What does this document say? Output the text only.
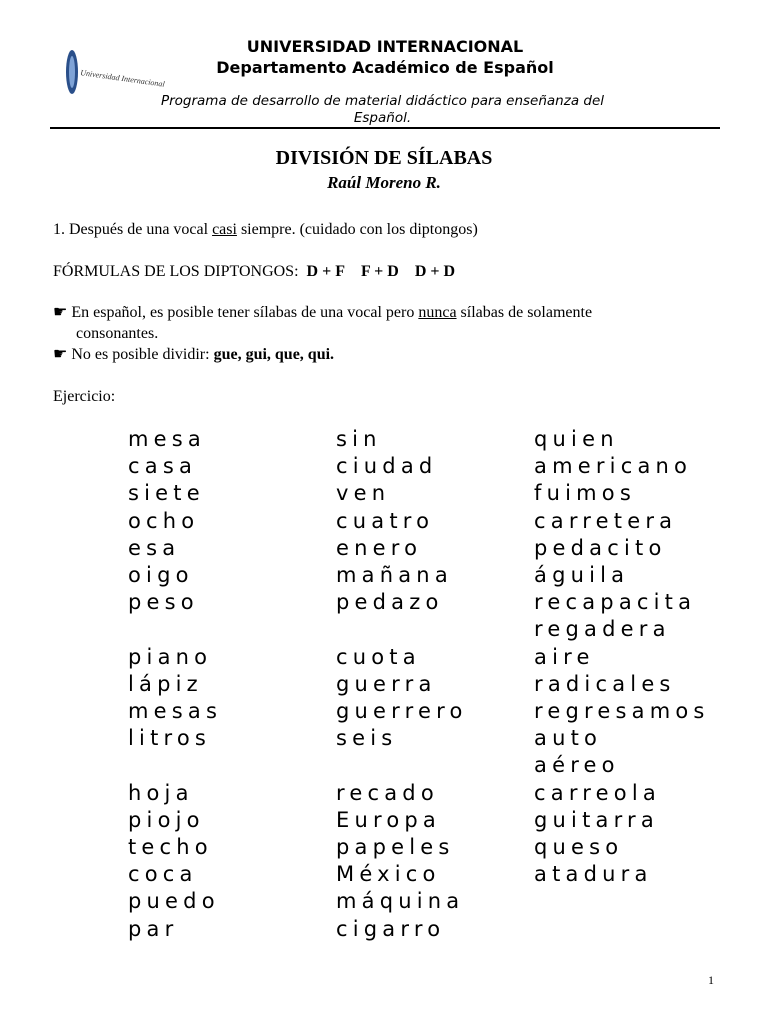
Universidad Internacional
UNIVERSIDAD INTERNACIONAL
Departamento Académico de Español
Programa de desarrollo de material didáctico para enseñanza del Español.
DIVISIÓN DE SÍLABAS
Raúl Moreno R.
1. Después de una vocal casi siempre. (cuidado con los diptongos)
FÓRMULAS DE LOS DIPTONGOS: D + F F + D D + D
☛ En español, es posible tener sílabas de una vocal pero nunca sílabas de solamente
consonantes.
☛ No es posible dividir: gue, gui, que, qui.
Ejercicio:
mesa
casa
siete
ocho
esa
oigo
peso

piano
lápiz
mesas
litros

hoja
piojo
techo
coca
puedo
par
sin
ciudad
ven
cuatro
enero
mañana
pedazo

cuota
guerra
guerrero
seis

recado
Europa
papeles
México
máquina
cigarro
quien
americano
fuimos
carretera
pedacito
águila
recapacita
regadera
aire
radicales
regresamos
auto
aéreo
carreola
guitarra
queso
atadura
1
